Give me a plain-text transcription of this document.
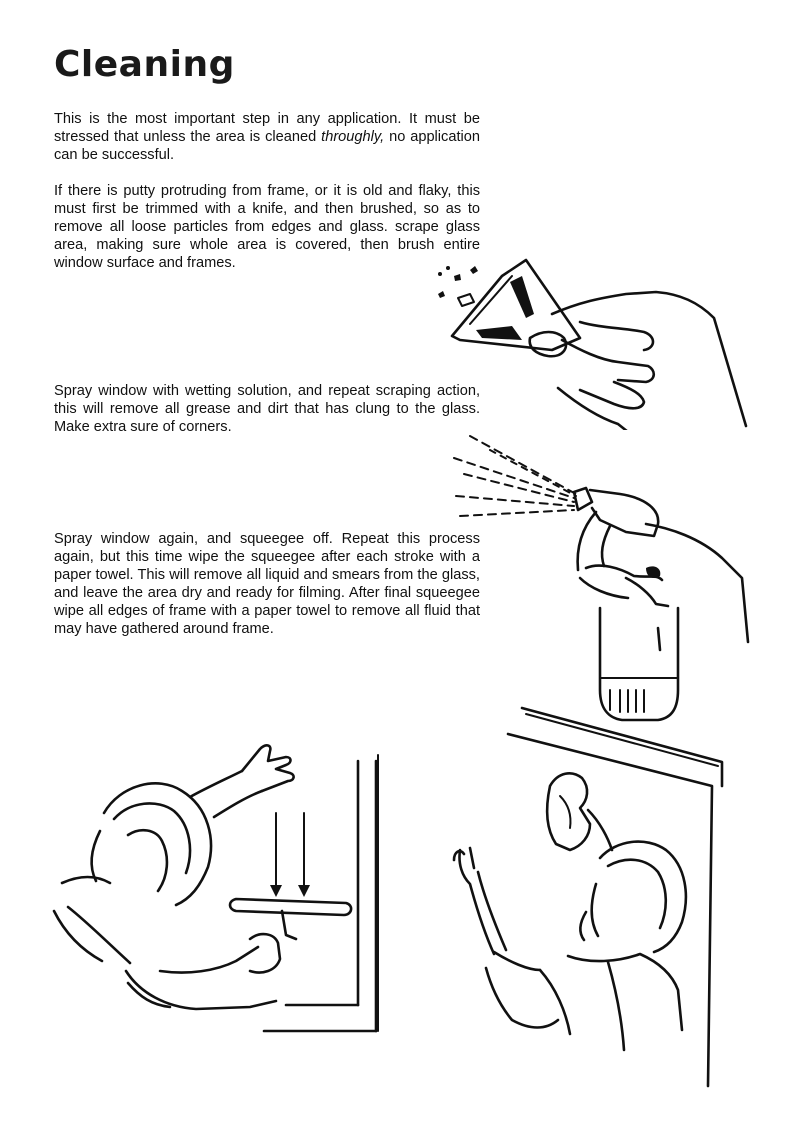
Cleaning

This is the most important step in any application. It must be stressed that unless the area is cleaned throughly, no application can be successful.

If there is putty protruding from frame, or it is old and flaky, this must first be trimmed with a knife, and then brushed, so as to remove all loose particles from edges and glass. scrape glass area, making sure whole area is covered, then brush entire window surface and frames.

Spray window with wetting solution, and repeat scraping action, this will remove all grease and dirt that has clung to the glass. Make extra sure of corners.

Spray window again, and squeegee off. Repeat this process again, but this time wipe the squeegee after each stroke with a paper towel. This will remove all liquid and smears from the glass, and leave the area dry and ready for filming. After final squeegee wipe all edges of frame with a paper towel to remove all fluid that may have gathered around frame.
